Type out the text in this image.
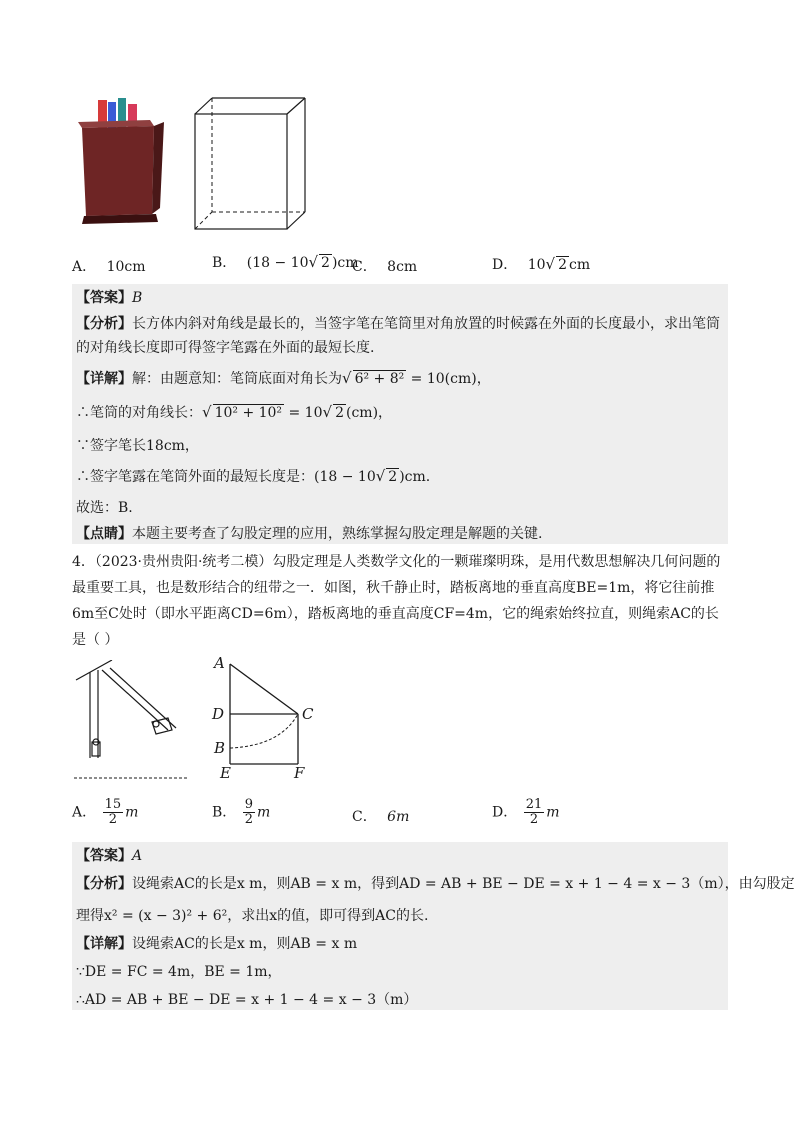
A． 10cm	B． (18 − 10√ 2 )cm
C． 8cm	D． 10√ 2 cm
【答案】B
【分析】长方体内斜对角线是最长的，当签字笔在笔筒里对角放置的时候露在外面的长度最小，求出笔筒
的对角线长度即可得签字笔露在外面的最短长度.
【详解】解：由题意知：笔筒底面对角长为√ 6² + 8² = 10(cm)，
∴笔筒的对角线长：√ 10² + 10² = 10√ 2 (cm)，
∵签字笔长18cm，
∴签字笔露在笔筒外面的最短长度是：(18 − 10√ 2 )cm.
故选：B.
【点睛】本题主要考查了勾股定理的应用，熟练掌握勾股定理是解题的关键.
4．（2023·贵州贵阳·统考二模）勾股定理是人类数学文化的一颗璀璨明珠，是用代数思想解决几何问题的
最重要工具，也是数形结合的纽带之一．如图，秋千静止时，踏板离地的垂直高度BE=1m，将它往前推
6m至C处时（即水平距离CD=6m），踏板离地的垂直高度CF=4m，它的绳索始终拉直，则绳索AC的长
是（ ）
A
D	C
B
E	F
A． $\frac{15}{2}$ m	B． $\frac{9}{2}$ m	C． 6m	D． $\frac{21}{2}$ m
【答案】A
【分析】设绳索AC的长是x m，则AB = x m，得到AD = AB + BE − DE = x + 1 − 4 = x − 3（m），由勾股定
理得x² = (x − 3)² + 6²，求出x的值，即可得到AC的长.
【详解】设绳索AC的长是x m，则AB = x m
∵DE = FC = 4m，BE = 1m，
∴AD = AB + BE − DE = x + 1 − 4 = x − 3（m）
